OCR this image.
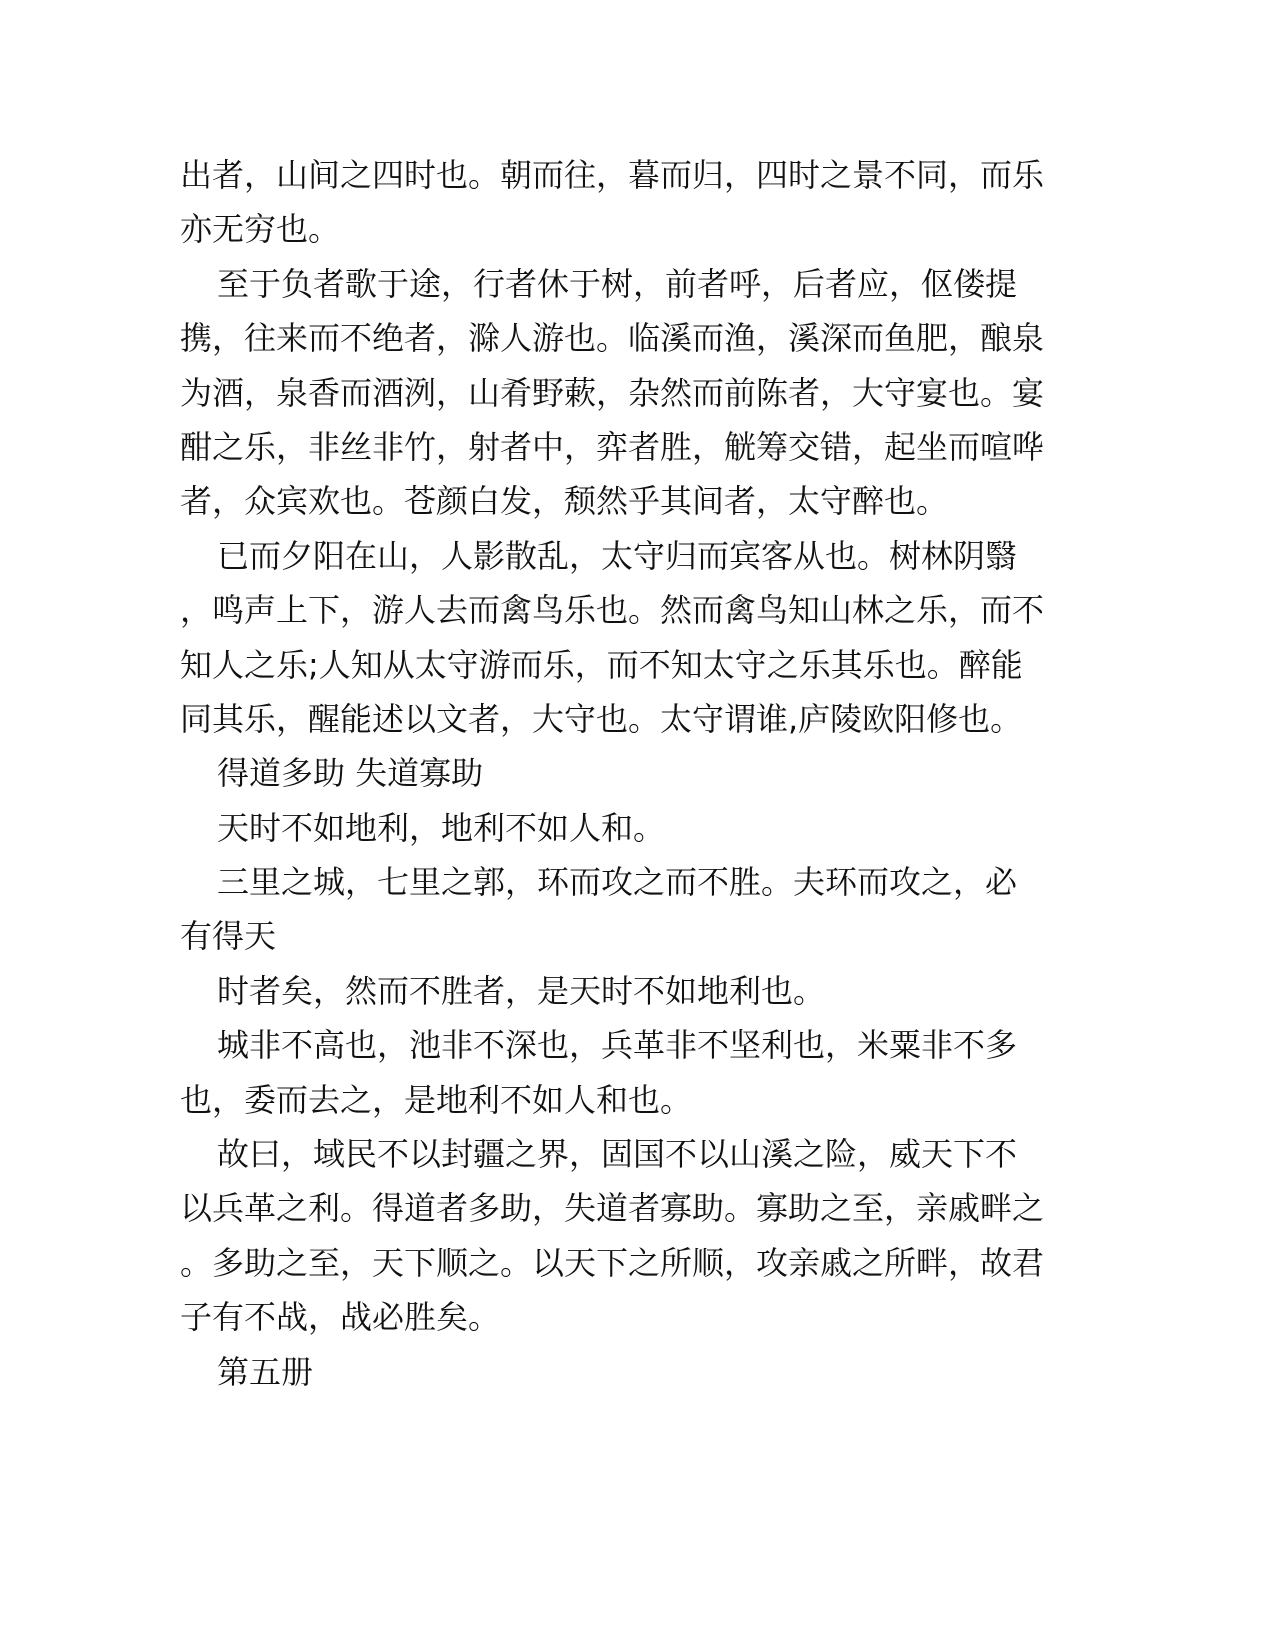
出者，山间之四时也。朝而往，暮而归，四时之景不同，而乐
亦无穷也。
至于负者歌于途，行者休于树，前者呼，后者应，伛偻提
携，往来而不绝者，滁人游也。临溪而渔，溪深而鱼肥，酿泉
为酒，泉香而酒洌，山肴野蔌，杂然而前陈者，大守宴也。宴
酣之乐，非丝非竹，射者中，弈者胜，觥筹交错，起坐而喧哗
者，众宾欢也。苍颜白发，颓然乎其间者，太守醉也。
已而夕阳在山，人影散乱，太守归而宾客从也。树林阴翳
，鸣声上下，游人去而禽鸟乐也。然而禽鸟知山林之乐，而不
知人之乐;人知从太守游而乐，而不知太守之乐其乐也。醉能
同其乐，醒能述以文者，大守也。太守谓谁,庐陵欧阳修也。
得道多助 失道寡助
天时不如地利，地利不如人和。
三里之城，七里之郭，环而攻之而不胜。夫环而攻之，必
有得天
时者矣，然而不胜者，是天时不如地利也。
城非不高也，池非不深也，兵革非不坚利也，米粟非不多
也，委而去之，是地利不如人和也。
故曰，域民不以封疆之界，固国不以山溪之险，威天下不
以兵革之利。得道者多助，失道者寡助。寡助之至，亲戚畔之
。多助之至，天下顺之。以天下之所顺，攻亲戚之所畔，故君
子有不战，战必胜矣。
第五册
